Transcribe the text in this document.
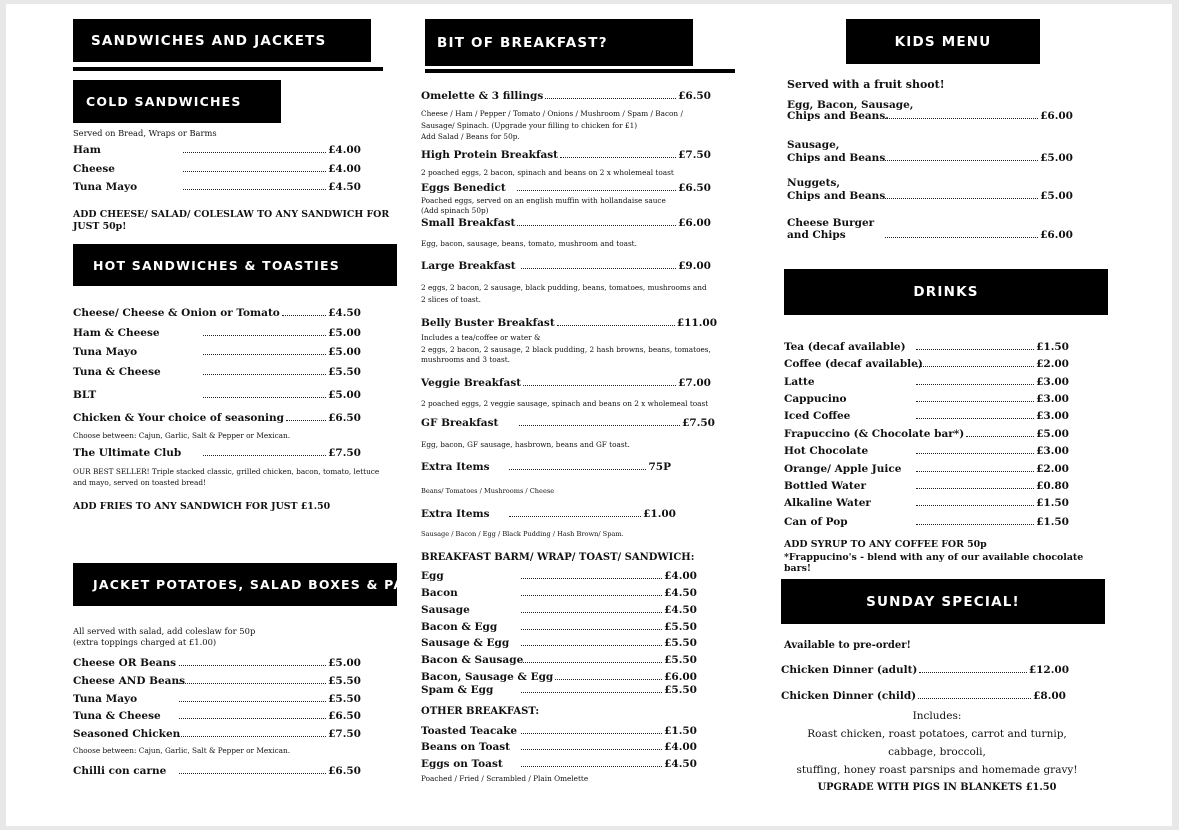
SANDWICHES AND JACKETS
COLD SANDWICHES
Served on Bread, Wraps or Barms
Ham	£4.00
Cheese	£4.00
Tuna Mayo	£4.50
ADD CHEESE/ SALAD/ COLESLAW TO ANY SANDWICH FOR JUST 50p!
HOT SANDWICHES & TOASTIES
Cheese/ Cheese & Onion or Tomato	£4.50
Ham & Cheese	£5.00
Tuna Mayo	£5.00
Tuna & Cheese	£5.50
BLT	£5.00
Chicken & Your choice of seasoning	£6.50
Choose between: Cajun, Garlic, Salt & Pepper or Mexican.
The Ultimate Club	£7.50
OUR BEST SELLER! Triple stacked classic, grilled chicken, bacon, tomato, lettuce
and mayo, served on toasted bread!
ADD FRIES TO ANY SANDWICH FOR JUST £1.50
JACKET POTATOES, SALAD BOXES & PASTA
All served with salad, add coleslaw for 50p
(extra toppings charged at £1.00)
Cheese OR Beans	£5.00
Cheese AND Beans	£5.50
Tuna Mayo	£5.50
Tuna & Cheese	£6.50
Seasoned Chicken	£7.50
Choose between: Cajun, Garlic, Salt & Pepper or Mexican.
Chilli con carne	£6.50
BIT OF BREAKFAST?
Omelette & 3 fillings	£6.50
Cheese / Ham / Pepper / Tomato / Onions / Mushroom / Spam / Bacon /
Sausage/ Spinach. (Upgrade your filling to chicken for £1)
Add Salad / Beans for 50p.
High Protein Breakfast	£7.50
2 poached eggs, 2 bacon, spinach and beans on 2 x wholemeal toast
Eggs Benedict	£6.50
Poached eggs, served on an english muffin with hollandaise sauce
(Add spinach 50p)
Small Breakfast	£6.00
Egg, bacon, sausage, beans, tomato, mushroom and toast.
Large Breakfast	£9.00
2 eggs, 2 bacon, 2 sausage, black pudding, beans, tomatoes, mushrooms and
2 slices of toast.
Belly Buster Breakfast	£11.00
Includes a tea/coffee or water &
2 eggs, 2 bacon, 2 sausage, 2 black pudding, 2 hash browns, beans, tomatoes,
mushrooms and 3 toast.
Veggie Breakfast	£7.00
2 poached eggs, 2 veggie sausage, spinach and beans on 2 x wholemeal toast
GF Breakfast	£7.50
Egg, bacon, GF sausage, hasbrown, beans and GF toast.
Extra Items	75P
Beans/ Tomatoes / Mushrooms / Cheese
Extra Items	£1.00
Sausage / Bacon / Egg / Black Pudding / Hash Brown/ Spam.
BREAKFAST BARM/ WRAP/ TOAST/ SANDWICH:
Egg	£4.00
Bacon	£4.50
Sausage	£4.50
Bacon & Egg	£5.50
Sausage & Egg	£5.50
Bacon & Sausage	£5.50
Bacon, Sausage & Egg	£6.00
Spam & Egg	£5.50
OTHER BREAKFAST:
Toasted Teacake	£1.50
Beans on Toast	£4.00
Eggs on Toast	£4.50
Poached / Fried / Scrambled / Plain Omelette
KIDS MENU
Served with a fruit shoot!
Egg, Bacon, Sausage,
Chips and Beans.	£6.00
Sausage,
Chips and Beans	£5.00
Nuggets,
Chips and Beans	£5.00
Cheese Burger
and Chips	£6.00
DRINKS
Tea (decaf available)	£1.50
Coffee (decaf available)	£2.00
Latte	£3.00
Cappucino	£3.00
Iced Coffee	£3.00
Frapuccino (& Chocolate bar*)	£5.00
Hot Chocolate	£3.00
Orange/ Apple Juice	£2.00
Bottled Water	£0.80
Alkaline Water	£1.50
Can of Pop	£1.50
ADD SYRUP TO ANY COFFEE FOR 50p
*Frappucino's - blend with any of our available chocolate bars!
SUNDAY SPECIAL!
Available to pre-order!
Chicken Dinner (adult)	£12.00
Chicken Dinner (child)	£8.00
Includes:
Roast chicken, roast potatoes, carrot and turnip,
cabbage, broccoli,
stuffing, honey roast parsnips and homemade gravy!
UPGRADE WITH PIGS IN BLANKETS £1.50
